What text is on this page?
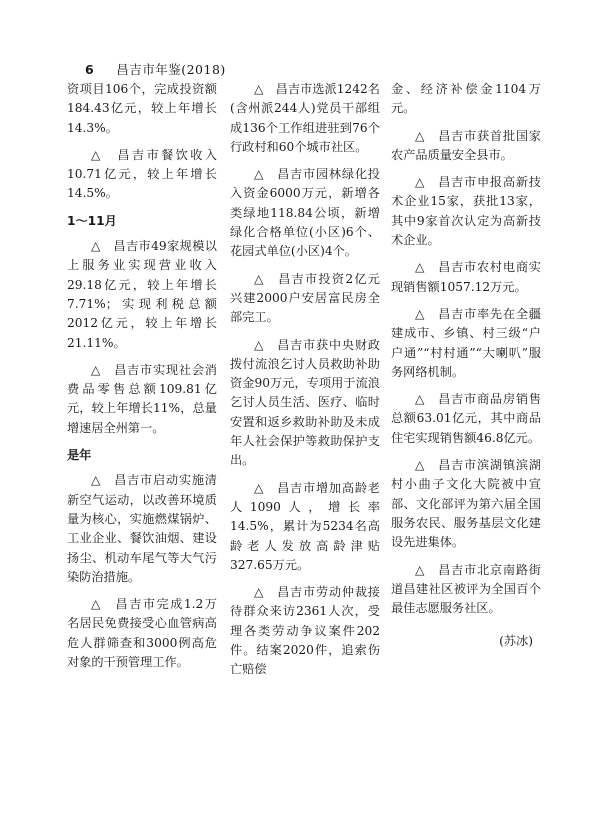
6 昌吉市年鉴(2018)

资项目106个，完成投资额184.43亿元，较上年增长14.3%。

△　昌吉市餐饮收入10.71亿元，较上年增长14.5%。

1～11月

△　昌吉市49家规模以上服务业实现营业收入29.18亿元，较上年增长7.71%；实现利税总额2012亿元，较上年增长21.11%。

△　昌吉市实现社会消费品零售总额109.81亿元，较上年增长11%，总量增速居全州第一。

是年

△　昌吉市启动实施清新空气运动，以改善环境质量为核心，实施燃煤锅炉、工业企业、餐饮油烟、建设扬尘、机动车尾气等大气污染防治措施。

△　昌吉市完成1.2万名居民免费接受心血管病高危人群筛查和3000例高危对象的干预管理工作。

△　昌吉市选派1242名(含州派244人)党员干部组成136个工作组进驻到76个行政村和60个城市社区。

△　昌吉市园林绿化投入资金6000万元，新增各类绿地118.84公顷，新增绿化合格单位(小区)6个、花园式单位(小区)4个。

△　昌吉市投资2亿元兴建2000户安居富民房全部完工。

△　昌吉市获中央财政拨付流浪乞讨人员救助补助资金90万元，专项用于流浪乞讨人员生活、医疗、临时安置和返乡救助补助及未成年人社会保护等救助保护支出。

△　昌吉市增加高龄老人1090人，增长率14.5%，累计为5234名高龄老人发放高龄津贴327.65万元。

△　昌吉市劳动仲裁接待群众来访2361人次，受理各类劳动争议案件202件。结案2020件，追索伤亡赔偿

金、经济补偿金1104万元。

△　昌吉市获首批国家农产品质量安全县市。

△　昌吉市申报高新技术企业15家，获批13家，其中9家首次认定为高新技术企业。

△　昌吉市农村电商实现销售额1057.12万元。

△　昌吉市率先在全疆建成市、乡镇、村三级“户户通”“村村通”“大喇叭”服务网络机制。

△　昌吉市商品房销售总额63.01亿元，其中商品住宅实现销售额46.8亿元。

△　昌吉市滨湖镇滨湖村小曲子文化大院被中宣部、文化部评为第六届全国服务农民、服务基层文化建设先进集体。

△　昌吉市北京南路街道昌建社区被评为全国百个最佳志愿服务社区。

(苏冰)
